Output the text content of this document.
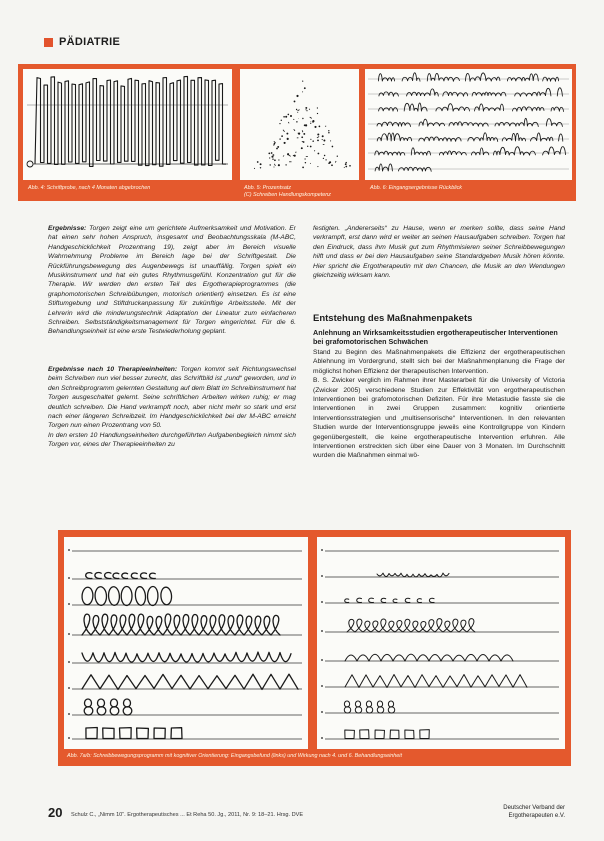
PÄDIATRIE
Abb. 4: Schriftprobe, nach 4 Monaten abgebrochen	Abb. 5: Prozentsatz
(C) Schreiben Handlungskompetenz
Abb. 6: Eingangsergebnisse Rückblick

Ergebnisse: Torgen zeigt eine um gerichtete Aufmerksamkeit und Motivation. Er hat einen sehr hohen Anspruch, insgesamt und Beobachtungsskala (M-ABC, Handgeschicklichkeit Prozentrang 19), zeigt aber im Bereich visuelle Wahrnehmung Probleme im Bereich lage bei der Schriftgestalt. Die Rückführungsbewegung des Augenbewegs ist unauffällig. Torgen spielt ein Musikinstrument und hat ein gutes Rhythmusgefühl. Konzentration gut für die Therapie. Wir werden den ersten Teil des Ergotherapieprogrammes (die graphomotorischen Schreibübungen, motorisch orientiert) einsetzen. Es ist eine Stiftumgebung und Stiftdruckanpassung für zukünftige Arbeitsstelle. Mit der Lehrerin wird die minderungstechnik Adaptation der Lineatur zum einfacheren Schreiben. Selbstständigkeitsmanagement für Torgen eingerichtet. Für die 6. Behandlungseinheit ist eine erste Testwiederholung geplant.

Ergebnisse nach 10 Therapieeinheiten: Torgen kommt seit Richtungswechsel beim Schreiben nun viel besser zurecht, das Schriftbild ist „rund“ geworden, und in den Schreibprogramm gelernten Gestaltung auf dem Blatt im Schreibinstrument hat Torgen ausgeschaltet gelernt. Seine schriftlichen Arbeiten wirken ruhig; er mag deutlich schreiben. Die Hand verkrampft noch, aber nicht mehr so stark und erst nach einer längeren Schreibzeit. Im Handgeschicklichkeit bei der M-ABC erreicht Torgen nun einen Prozentrang von 50.

In den ersten 10 Handlungseinheiten durchgeführten Aufgabenbegleich nimmt sich Torgen vor, eines der Therapieeinheiten zu

festigten. „Andererseits“ zu Hause, wenn er merken sollte, dass seine Hand verkrampft, erst dann wird er weiter an seinen Hausaufgaben schreiben. Torgen hat den Eindruck, dass ihm Musik gut zum Rhythmisieren seiner Schreibbewegungen hilft und dass er bei den Hausaufgaben seine Standardgeben Musik hören könnte. Hier spricht die Ergotherapeutin mit den Chancen, die Musik an den Wendungen gleichzeitig wirksam kann.

Entstehung des Maßnahmenpakets
Anlehnung an Wirksamkeitsstudien ergotherapeutischer Interventionen bei grafomotorischen Schwächen

Stand zu Beginn des Maßnahmenpakets die Effizienz der ergotherapeutischen Ablehnung im Vordergrund, stellt sich bei der Maßnahmenplanung die Frage der möglichst hohen Effizienz der therapeutischen Intervention.

B. S. Zwicker verglich im Rahmen ihrer Masterarbeit für die University of Victoria (Zwicker 2005) verschiedene Studien zur Effektivität von ergotherapeutischen Interventionen bei grafomotorischen Defiziten. Für ihre Metastudie fasste sie die Interventionen in zwei Gruppen zusammen: kognitiv orientierte Interventionsstrategien und „multisensorische“ Interventionen. In den relevanten Studien wurde der Interventionsgruppe jeweils eine Kontrollgruppe von Kindern gegenübergestellt, die keine ergotherapeutische Intervention erfuhren. Alle Interventionen erstreckten sich über eine Dauer von 3 Monaten. Im Durchschnitt wurden die Maßnahmen einmal wö-

Abb. 7a/b: Schreibbewegungsprogramm mit kognitiver Orientierung: Eingangsbefund (links) und Wirkung nach 4. und 6. Behandlungseinheit
20 Schulz C., „Nimm 10“. Ergotherapeutisches ... Et Reha 50. Jg., 2011, Nr. 9: 18–21. Hrsg. DVE
Deutscher Verband der
Ergotherapeuten e.V.
